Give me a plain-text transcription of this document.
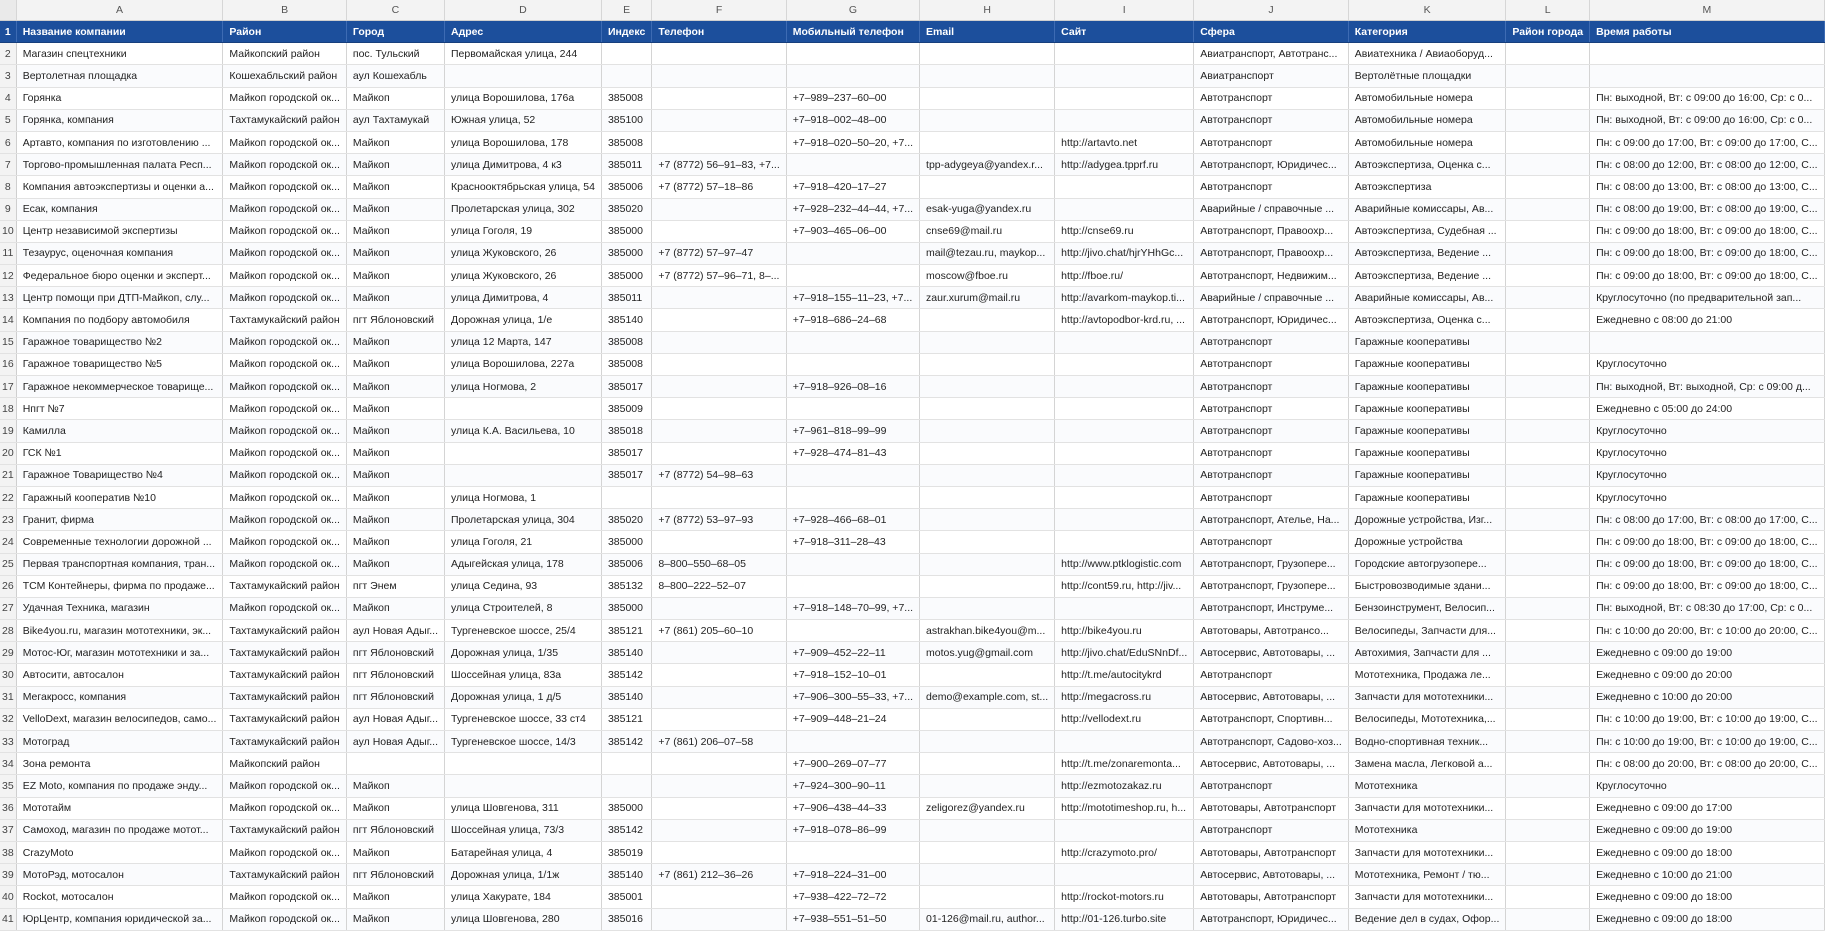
	A	B	C	D	E	F	G	H	I	J	K	L	M
1	Название компании	Район	Город	Адрес	Индекс	Телефон	Мобильный телефон	Email	Сайт	Сфера	Категория	Район города	Время работы
2	Магазин спецтехники	Майкопский район	пос. Тульский	Первомайская улица, 244						Авиатранспорт, Автотранс...	Авиатехника / Авиаоборуд...		
3	Вертолетная площадка	Кошехабльский район	аул Кошехабль							Авиатранспорт	Вертолётные площадки		
4	Горянка	Майкоп городской ок...	Майкоп	улица Ворошилова, 176а	385008		+7‒989‒237‒60‒00			Автотранспорт	Автомобильные номера		Пн: выходной, Вт: с 09:00 до 16:00, Ср: с 0...
5	Горянка, компания	Тахтамукайский район	аул Тахтамукай	Южная улица, 52	385100		+7‒918‒002‒48‒00			Автотранспорт	Автомобильные номера		Пн: выходной, Вт: с 09:00 до 16:00, Ср: с 0...
6	Артавто, компания по изготовлению ...	Майкоп городской ок...	Майкоп	улица Ворошилова, 178	385008		+7‒918‒020‒50‒20, +7...		http://artavto.net	Автотранспорт	Автомобильные номера		Пн: с 09:00 до 17:00, Вт: с 09:00 до 17:00, С...
7	Торгово-промышленная палата Респ...	Майкоп городской ок...	Майкоп	улица Димитрова, 4 к3	385011	+7 (8772) 56‒91‒83, +7...		tpp-adygeya@yandex.r...	http://adygea.tpprf.ru	Автотранспорт, Юридичес...	Автоэкспертиза, Оценка с...		Пн: с 08:00 до 12:00, Вт: с 08:00 до 12:00, С...
8	Компания автоэкспертизы и оценки а...	Майкоп городской ок...	Майкоп	Краснооктябрьская улица, 54	385006	+7 (8772) 57‒18‒86	+7‒918‒420‒17‒27			Автотранспорт	Автоэкспертиза		Пн: с 08:00 до 13:00, Вт: с 08:00 до 13:00, С...
9	Есак, компания	Майкоп городской ок...	Майкоп	Пролетарская улица, 302	385020		+7‒928‒232‒44‒44, +7...	esak-yuga@yandex.ru		Аварийные / справочные ...	Аварийные комиссары, Ав...		Пн: с 08:00 до 19:00, Вт: с 08:00 до 19:00, С...
10	Центр независимой экспертизы	Майкоп городской ок...	Майкоп	улица Гоголя, 19	385000		+7‒903‒465‒06‒00	cnse69@mail.ru	http://cnse69.ru	Автотранспорт, Правоохр...	Автоэкспертиза, Судебная ...		Пн: с 09:00 до 18:00, Вт: с 09:00 до 18:00, С...
11	Тезаурус, оценочная компания	Майкоп городской ок...	Майкоп	улица Жуковского, 26	385000	+7 (8772) 57‒97‒47		mail@tezau.ru, maykop...	http://jivo.chat/hjrYHhGc...	Автотранспорт, Правоохр...	Автоэкспертиза, Ведение ...		Пн: с 09:00 до 18:00, Вт: с 09:00 до 18:00, С...
12	Федеральное бюро оценки и эксперт...	Майкоп городской ок...	Майкоп	улица Жуковского, 26	385000	+7 (8772) 57‒96‒71, 8‒...		moscow@fboe.ru	http://fboe.ru/	Автотранспорт, Недвижим...	Автоэкспертиза, Ведение ...		Пн: с 09:00 до 18:00, Вт: с 09:00 до 18:00, С...
13	Центр помощи при ДТП-Майкоп, слу...	Майкоп городской ок...	Майкоп	улица Димитрова, 4	385011		+7‒918‒155‒11‒23, +7...	zaur.xurum@mail.ru	http://avarkom-maykop.ti...	Аварийные / справочные ...	Аварийные комиссары, Ав...		Круглосуточно (по предварительной зап...
14	Компания по подбору автомобиля	Тахтамукайский район	пгт Яблоновский	Дорожная улица, 1/е	385140		+7‒918‒686‒24‒68		http://avtopodbor-krd.ru, ...	Автотранспорт, Юридичес...	Автоэкспертиза, Оценка с...		Ежедневно с 08:00 до 21:00
15	Гаражное товарищество №2	Майкоп городской ок...	Майкоп	улица 12 Марта, 147	385008					Автотранспорт	Гаражные кооперативы		
16	Гаражное товарищество №5	Майкоп городской ок...	Майкоп	улица Ворошилова, 227а	385008					Автотранспорт	Гаражные кооперативы		Круглосуточно
17	Гаражное некоммерческое товарище...	Майкоп городской ок...	Майкоп	улица Ногмова, 2	385017		+7‒918‒926‒08‒16			Автотранспорт	Гаражные кооперативы		Пн: выходной, Вт: выходной, Ср: с 09:00 д...
18	Нпгт №7	Майкоп городской ок...	Майкоп		385009					Автотранспорт	Гаражные кооперативы		Ежедневно с 05:00 до 24:00
19	Камилла	Майкоп городской ок...	Майкоп	улица К.А. Васильева, 10	385018		+7‒961‒818‒99‒99			Автотранспорт	Гаражные кооперативы		Круглосуточно
20	ГСК №1	Майкоп городской ок...	Майкоп		385017		+7‒928‒474‒81‒43			Автотранспорт	Гаражные кооперативы		Круглосуточно
21	Гаражное Товарищество №4	Майкоп городской ок...	Майкоп		385017	+7 (8772) 54‒98‒63				Автотранспорт	Гаражные кооперативы		Круглосуточно
22	Гаражный кооператив №10	Майкоп городской ок...	Майкоп	улица Ногмова, 1						Автотранспорт	Гаражные кооперативы		Круглосуточно
23	Гранит, фирма	Майкоп городской ок...	Майкоп	Пролетарская улица, 304	385020	+7 (8772) 53‒97‒93	+7‒928‒466‒68‒01			Автотранспорт, Ателье, На...	Дорожные устройства, Изг...		Пн: с 08:00 до 17:00, Вт: с 08:00 до 17:00, С...
24	Современные технологии дорожной ...	Майкоп городской ок...	Майкоп	улица Гоголя, 21	385000		+7‒918‒311‒28‒43			Автотранспорт	Дорожные устройства		Пн: с 09:00 до 18:00, Вт: с 09:00 до 18:00, С...
25	Первая транспортная компания, тран...	Майкоп городской ок...	Майкоп	Адыгейская улица, 178	385006	8‒800‒550‒68‒05			http://www.ptklogistic.com	Автотранспорт, Грузопере...	Городские автогрузопере...		Пн: с 09:00 до 18:00, Вт: с 09:00 до 18:00, С...
26	ТСМ Контейнеры, фирма по продаже...	Тахтамукайский район	пгт Энем	улица Седина, 93	385132	8‒800‒222‒52‒07			http://cont59.ru, http://jiv...	Автотранспорт, Грузопере...	Быстровозводимые здани...		Пн: с 09:00 до 18:00, Вт: с 09:00 до 18:00, С...
27	Удачная Техника, магазин	Майкоп городской ок...	Майкоп	улица Строителей, 8	385000		+7‒918‒148‒70‒99, +7...			Автотранспорт, Инструме...	Бензоинструмент, Велосип...		Пн: выходной, Вт: с 08:30 до 17:00, Ср: с 0...
28	Bike4you.ru, магазин мототехники, эк...	Тахтамукайский район	аул Новая Адыг...	Тургеневское шоссе, 25/4	385121	+7 (861) 205‒60‒10		astrakhan.bike4you@m...	http://bike4you.ru	Автотовары, Автотрансо...	Велосипеды, Запчасти для...		Пн: с 10:00 до 20:00, Вт: с 10:00 до 20:00, С...
29	Мотос-Юг, магазин мототехники и за...	Тахтамукайский район	пгт Яблоновский	Дорожная улица, 1/35	385140		+7‒909‒452‒22‒11	motos.yug@gmail.com	http://jivo.chat/EduSNnDf...	Автосервис, Автотовары, ...	Автохимия, Запчасти для ...		Ежедневно с 09:00 до 19:00
30	Автосити, автосалон	Тахтамукайский район	пгт Яблоновский	Шоссейная улица, 83а	385142		+7‒918‒152‒10‒01		http://t.me/autocitykrd	Автотранспорт	Мототехника, Продажа ле...		Ежедневно с 09:00 до 20:00
31	Мегакросс, компания	Тахтамукайский район	пгт Яблоновский	Дорожная улица, 1 д/5	385140		+7‒906‒300‒55‒33, +7...	demo@example.com, st...	http://megacross.ru	Автосервис, Автотовары, ...	Запчасти для мототехники...		Ежедневно с 10:00 до 20:00
32	VelloDext, магазин велосипедов, само...	Тахтамукайский район	аул Новая Адыг...	Тургеневское шоссе, 33 ст4	385121		+7‒909‒448‒21‒24		http://vellodext.ru	Автотранспорт, Спортивн...	Велосипеды, Мототехника,...		Пн: с 10:00 до 19:00, Вт: с 10:00 до 19:00, С...
33	Мотоград	Тахтамукайский район	аул Новая Адыг...	Тургеневское шоссе, 14/3	385142	+7 (861) 206‒07‒58				Автотранспорт, Садово-хоз...	Водно-спортивная техник...		Пн: с 10:00 до 19:00, Вт: с 10:00 до 19:00, С...
34	Зона ремонта	Майкопский район					+7‒900‒269‒07‒77		http://t.me/zonaremonta...	Автосервис, Автотовары, ...	Замена масла, Легковой а...		Пн: с 08:00 до 20:00, Вт: с 08:00 до 20:00, С...
35	EZ Moto, компания по продаже энду...	Майкоп городской ок...	Майкоп				+7‒924‒300‒90‒11		http://ezmotozakaz.ru	Автотранспорт	Мототехника		Круглосуточно
36	Мототайм	Майкоп городской ок...	Майкоп	улица Шовгенова, 311	385000		+7‒906‒438‒44‒33	zeligorez@yandex.ru	http://mototimeshop.ru, h...	Автотовары, Автотранспорт	Запчасти для мототехники...		Ежедневно с 09:00 до 17:00
37	Самоход, магазин по продаже мотот...	Тахтамукайский район	пгт Яблоновский	Шоссейная улица, 73/3	385142		+7‒918‒078‒86‒99			Автотранспорт	Мототехника		Ежедневно с 09:00 до 19:00
38	CrazyMoto	Майкоп городской ок...	Майкоп	Батарейная улица, 4	385019				http://crazymoto.pro/	Автотовары, Автотранспорт	Запчасти для мототехники...		Ежедневно с 09:00 до 18:00
39	МотоРэд, мотосалон	Тахтамукайский район	пгт Яблоновский	Дорожная улица, 1/1ж	385140	+7 (861) 212‒36‒26	+7‒918‒224‒31‒00			Автосервис, Автотовары, ...	Мототехника, Ремонт / тю...		Ежедневно с 10:00 до 21:00
40	Rockot, мотосалон	Майкоп городской ок...	Майкоп	улица Хакурате, 184	385001		+7‒938‒422‒72‒72		http://rockot-motors.ru	Автотовары, Автотранспорт	Запчасти для мототехники...		Ежедневно с 09:00 до 18:00
41	ЮрЦентр, компания юридической за...	Майкоп городской ок...	Майкоп	улица Шовгенова, 280	385016		+7‒938‒551‒51‒50	01-126@mail.ru, author...	http://01-126.turbo.site	Автотранспорт, Юридичес...	Ведение дел в судах, Офор...		Ежедневно с 09:00 до 18:00
